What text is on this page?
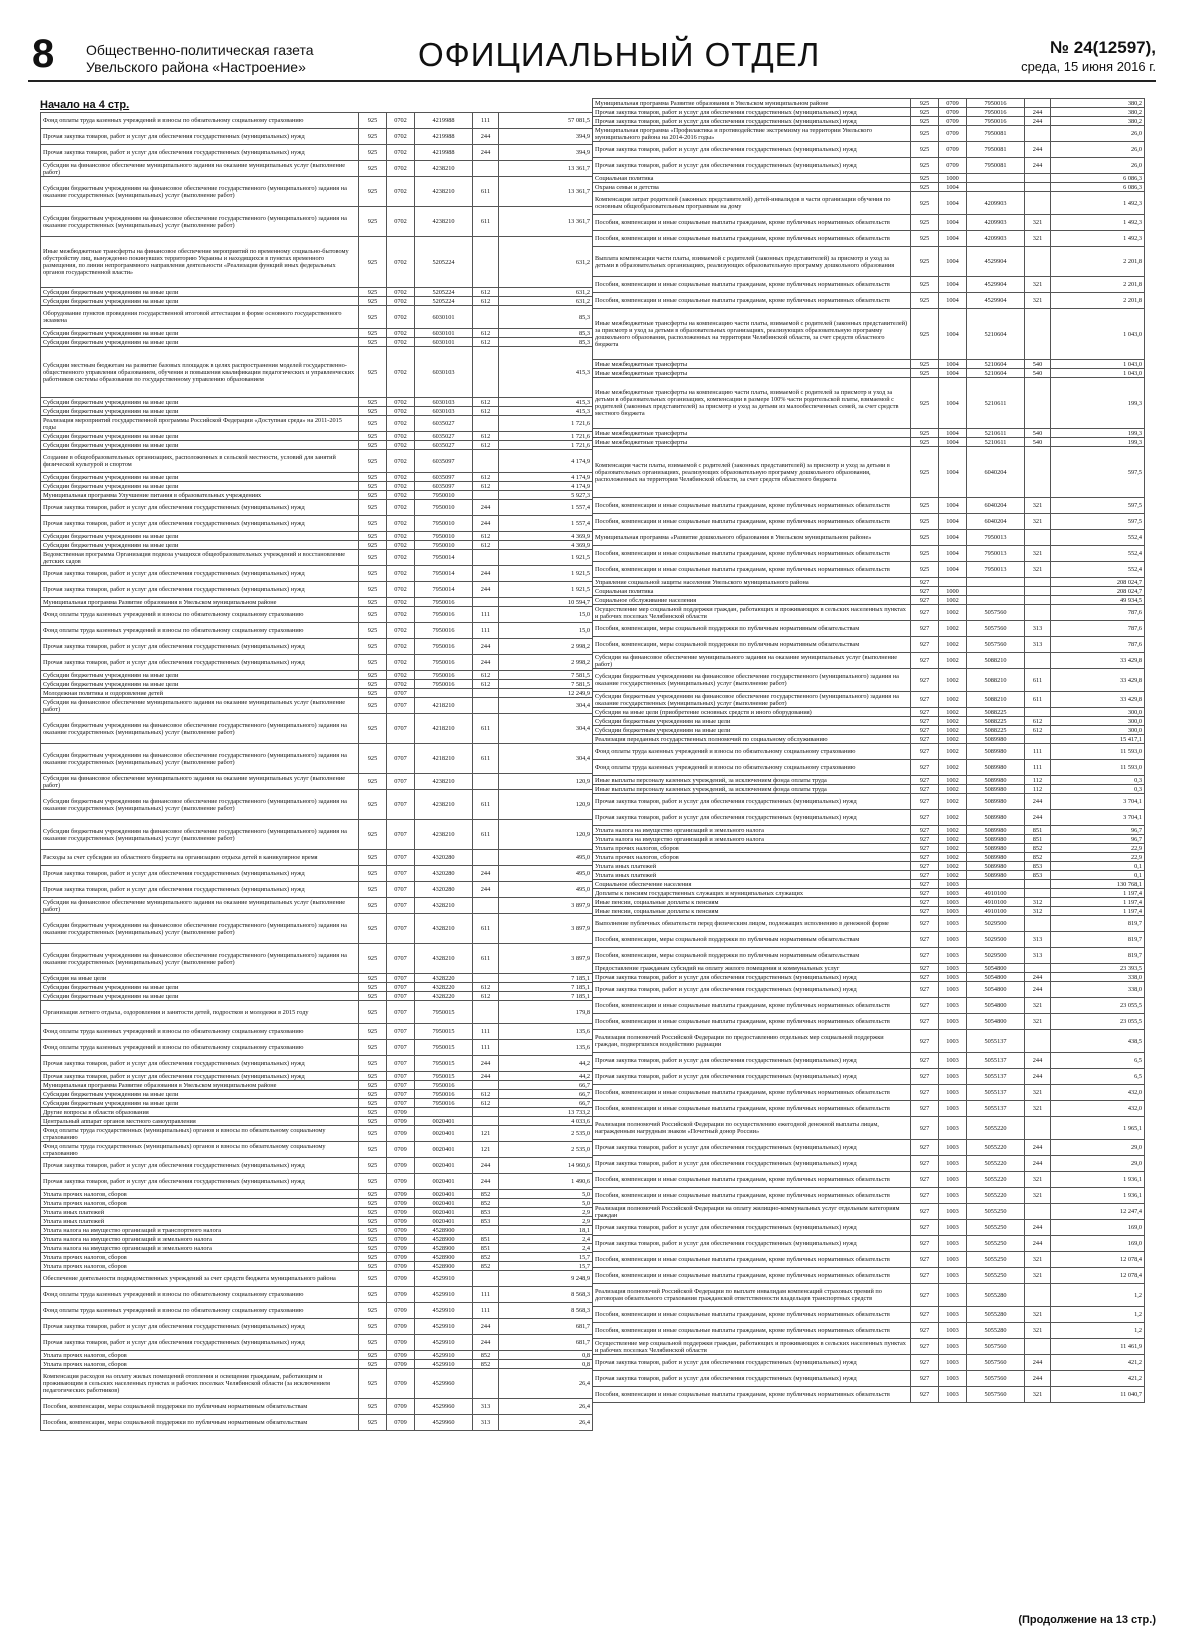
8 Общественно-политическая газета
Увельского района «Настроение»	ОФИЦИАЛЬНЫЙ ОТДЕЛ	№ 24(12597),
среда, 15 июня 2016 г.
Начало на 4 стр.
Фонд оплаты труда казенных учреждений и взносы по обязательному социальному страхованию	925	0702	4219988	111	57 081,5
Прочая закупка товаров, работ и услуг для обеспечения государственных (муниципальных) нужд	925	0702	4219988	244	394,9
Прочая закупка товаров, работ и услуг для обеспечения государственных (муниципальных) нужд	925	0702	4219988	244	394,9
Субсидия на финансовое обеспечение муниципального задания на оказание муниципальных услуг (выполнение работ)	925	0702	4238210		13 361,7
Субсидии бюджетным учреждениям на финансовое обеспечение государственного (муниципального) задания на оказание государственных (муниципальных) услуг (выполнение работ)	925	0702	4238210	611	13 361,7
Субсидии бюджетным учреждениям на финансовое обеспечение государственного (муниципального) задания на оказание государственных (муниципальных) услуг (выполнение работ)	925	0702	4238210	611	13 361,7
Иные межбюджетные трансферты на финансовое обеспечение мероприятий по временному социально-бытовому обустройству лиц, вынужденно покинувших территорию Украины и находящихся в пунктах временного размещения, по линии непрограммного направления деятельности «Реализация функций иных федеральных органов государственной власти»	925	0702	5205224		631,2
Субсидии бюджетным учреждениям на иные цели	925	0702	5205224	612	631,2
Субсидии бюджетным учреждениям на иные цели	925	0702	5205224	612	631,2
Оборудование пунктов проведения государственной итоговой аттестации в форме основного государственного экзамена	925	0702	6030101		85,3
Субсидии бюджетным учреждениям на иные цели	925	0702	6030101	612	85,3
Субсидии бюджетным учреждениям на иные цели	925	0702	6030101	612	85,3
Субсидии местным бюджетам на развитие базовых площадок в целях распространения моделей государственно-общественного управления образованием, обучения и повышения квалификации педагогических и управленческих работников системы образования по государственному управлению образованием	925	0702	6030103		415,3
Субсидии бюджетным учреждениям на иные цели	925	0702	6030103	612	415,3
Субсидии бюджетным учреждениям на иные цели	925	0702	6030103	612	415,3
Реализация мероприятий государственной программы Российской Федерации «Доступная среда» на 2011-2015 годы	925	0702	6035027		1 721,6
Субсидии бюджетным учреждениям на иные цели	925	0702	6035027	612	1 721,6
Субсидии бюджетным учреждениям на иные цели	925	0702	6035027	612	1 721,6
Создание в общеобразовательных организациях, расположенных в сельской местности, условий для занятий физической культурой и спортом	925	0702	6035097		4 174,9
Субсидии бюджетным учреждениям на иные цели	925	0702	6035097	612	4 174,9
Субсидии бюджетным учреждениям на иные цели	925	0702	6035097	612	4 174,9
Муниципальная программа Улучшение питания в образовательных учреждениях	925	0702	7950010		5 927,3
Прочая закупка товаров, работ и услуг для обеспечения государственных (муниципальных) нужд	925	0702	7950010	244	1 557,4
Прочая закупка товаров, работ и услуг для обеспечения государственных (муниципальных) нужд	925	0702	7950010	244	1 557,4
Субсидии бюджетным учреждениям на иные цели	925	0702	7950010	612	4 369,9
Субсидии бюджетным учреждениям на иные цели	925	0702	7950010	612	4 369,9
Ведомственная программа Организация подвоза учащихся общеобразовательных учреждений и восстановление детских садов	925	0702	7950014		1 921,5
Прочая закупка товаров, работ и услуг для обеспечения государственных (муниципальных) нужд	925	0702	7950014	244	1 921,5
Прочая закупка товаров, работ и услуг для обеспечения государственных (муниципальных) нужд	925	0702	7950014	244	1 921,5
Муниципальная программа Развитие образования в Увельском муниципальном районе	925	0702	7950016		10 594,7
Фонд оплаты труда казенных учреждений и взносы по обязательному социальному страхованию	925	0702	7950016	111	15,0
Фонд оплаты труда казенных учреждений и взносы по обязательному социальному страхованию	925	0702	7950016	111	15,0
Прочая закупка товаров, работ и услуг для обеспечения государственных (муниципальных) нужд	925	0702	7950016	244	2 998,2
Прочая закупка товаров, работ и услуг для обеспечения государственных (муниципальных) нужд	925	0702	7950016	244	2 998,2
Субсидии бюджетным учреждениям на иные цели	925	0702	7950016	612	7 581,5
Субсидии бюджетным учреждениям на иные цели	925	0702	7950016	612	7 581,5
Молодежная политика и оздоровление детей	925	0707			12 249,9
Субсидия на финансовое обеспечение муниципального задания на оказание муниципальных услуг (выполнение работ)	925	0707	4218210		304,4
Субсидии бюджетным учреждениям на финансовое обеспечение государственного (муниципального) задания на оказание государственных (муниципальных) услуг (выполнение работ)	925	0707	4218210	611	304,4
Субсидии бюджетным учреждениям на финансовое обеспечение государственного (муниципального) задания на оказание государственных (муниципальных) услуг (выполнение работ)	925	0707	4218210	611	304,4
Субсидия на финансовое обеспечение муниципального задания на оказание муниципальных услуг (выполнение работ)	925	0707	4238210		120,9
Субсидии бюджетным учреждениям на финансовое обеспечение государственного (муниципального) задания на оказание государственных (муниципальных) услуг (выполнение работ)	925	0707	4238210	611	120,9
Субсидии бюджетным учреждениям на финансовое обеспечение государственного (муниципального) задания на оказание государственных (муниципальных) услуг (выполнение работ)	925	0707	4238210	611	120,9
Расходы за счет субсидии из областного бюджета на организацию отдыха детей в каникулярное время	925	0707	4320280		495,0
Прочая закупка товаров, работ и услуг для обеспечения государственных (муниципальных) нужд	925	0707	4320280	244	495,0
Прочая закупка товаров, работ и услуг для обеспечения государственных (муниципальных) нужд	925	0707	4320280	244	495,0
Субсидия на финансовое обеспечение муниципального задания на оказание муниципальных услуг (выполнение работ)	925	0707	4328210		3 897,9
Субсидии бюджетным учреждениям на финансовое обеспечение государственного (муниципального) задания на оказание государственных (муниципальных) услуг (выполнение работ)	925	0707	4328210	611	3 897,9
Субсидии бюджетным учреждениям на финансовое обеспечение государственного (муниципального) задания на оказание государственных (муниципальных) услуг (выполнение работ)	925	0707	4328210	611	3 897,9
Субсидия на иные цели	925	0707	4328220		7 185,1
Субсидии бюджетным учреждениям на иные цели	925	0707	4328220	612	7 185,1
Субсидии бюджетным учреждениям на иные цели	925	0707	4328220	612	7 185,1
Организация летнего отдыха, оздоровления и занятости детей, подростков и молодежи в 2015 году	925	0707	7950015		179,8
Фонд оплаты труда казенных учреждений и взносы по обязательному социальному страхованию	925	0707	7950015	111	135,6
Фонд оплаты труда казенных учреждений и взносы по обязательному социальному страхованию	925	0707	7950015	111	135,6
Прочая закупка товаров, работ и услуг для обеспечения государственных (муниципальных) нужд	925	0707	7950015	244	44,2
Прочая закупка товаров, работ и услуг для обеспечения государственных (муниципальных) нужд	925	0707	7950015	244	44,2
Муниципальная программа Развитие образования в Увельском муниципальном районе	925	0707	7950016		66,7
Субсидии бюджетным учреждениям на иные цели	925	0707	7950016	612	66,7
Субсидии бюджетным учреждениям на иные цели	925	0707	7950016	612	66,7
Другие вопросы в области образования	925	0709			13 733,2
Центральный аппарат органов местного самоуправления	925	0709	0020401		4 033,6
Фонд оплаты труда государственных (муниципальных) органов и взносы по обязательному социальному страхованию	925	0709	0020401	121	2 535,0
Фонд оплаты труда государственных (муниципальных) органов и взносы по обязательному социальному страхованию	925	0709	0020401	121	2 535,0
Прочая закупка товаров, работ и услуг для обеспечения государственных (муниципальных) нужд	925	0709	0020401	244	14 960,6
Прочая закупка товаров, работ и услуг для обеспечения государственных (муниципальных) нужд	925	0709	0020401	244	1 490,6
Уплата прочих налогов, сборов	925	0709	0020401	852	5,0
Уплата прочих налогов, сборов	925	0709	0020401	852	5,0
Уплата иных платежей	925	0709	0020401	853	2,9
Уплата иных платежей	925	0709	0020401	853	2,9
Уплата налога на имущество организаций и транспортного налога	925	0709	4528900		18,1
Уплата налога на имущество организаций и земельного налога	925	0709	4528900	851	2,4
Уплата налога на имущество организаций и земельного налога	925	0709	4528900	851	2,4
Уплата прочих налогов, сборов	925	0709	4528900	852	15,7
Уплата прочих налогов, сборов	925	0709	4528900	852	15,7
Обеспечение деятельности подведомственных учреждений за счет средств бюджета муниципального района	925	0709	4529910		9 248,9
Фонд оплаты труда казенных учреждений и взносы по обязательному социальному страхованию	925	0709	4529910	111	8 568,3
Фонд оплаты труда казенных учреждений и взносы по обязательному социальному страхованию	925	0709	4529910	111	8 568,3
Прочая закупка товаров, работ и услуг для обеспечения государственных (муниципальных) нужд	925	0709	4529910	244	681,7
Прочая закупка товаров, работ и услуг для обеспечения государственных (муниципальных) нужд	925	0709	4529910	244	681,7
Уплата прочих налогов, сборов	925	0709	4529910	852	0,8
Уплата прочих налогов, сборов	925	0709	4529910	852	0,8
Компенсация расходов на оплату жилых помещений отопления и освещения гражданам, работающим и проживающим в сельских населенных пунктах и рабочих поселках Челябинской области (за исключением педагогических работников)	925	0709	4529960		26,4
Пособия, компенсации, меры социальной поддержки по публичным нормативным обязательствам	925	0709	4529960	313	26,4
Пособия, компенсации, меры социальной поддержки по публичным нормативным обязательствам	925	0709	4529960	313	26,4
Муниципальная программа Развитие образования в Увельском муниципальном районе	925	0709	7950016		380,2
Прочая закупка товаров, работ и услуг для обеспечения государственных (муниципальных) нужд	925	0709	7950016	244	380,2
Прочая закупка товаров, работ и услуг для обеспечения государственных (муниципальных) нужд	925	0709	7950016	244	380,2
Муниципальная программа «Профилактика и противодействие экстремизму на территории Увельского муниципального района на 2014-2016 годы»	925	0709	7950081		26,0
Прочая закупка товаров, работ и услуг для обеспечения государственных (муниципальных) нужд	925	0709	7950081	244	26,0
Прочая закупка товаров, работ и услуг для обеспечения государственных (муниципальных) нужд	925	0709	7950081	244	26,0
Социальная политика	925	1000			6 086,3
Охрана семьи и детства	925	1004			6 086,3
Компенсация затрат родителей (законных представителей) детей-инвалидов в части организации обучения по основным общеобразовательным программам на дому	925	1004	4209903		1 492,3
Пособия, компенсации и иные социальные выплаты гражданам, кроме публичных нормативных обязательств	925	1004	4209903	321	1 492,3
Пособия, компенсации и иные социальные выплаты гражданам, кроме публичных нормативных обязательств	925	1004	4209903	321	1 492,3
Выплата компенсации части платы, взимаемой с родителей (законных представителей) за присмотр и уход за детьми в образовательных организациях, реализующих образовательную программу дошкольного образования	925	1004	4529904		2 201,8
Пособия, компенсации и иные социальные выплаты гражданам, кроме публичных нормативных обязательств	925	1004	4529904	321	2 201,8
Пособия, компенсации и иные социальные выплаты гражданам, кроме публичных нормативных обязательств	925	1004	4529904	321	2 201,8
Иные межбюджетные трансферты на компенсацию части платы, взимаемой с родителей (законных представителей) за присмотр и уход за детьми в образовательных организациях, реализующих образовательную программу дошкольного образования, расположенных на территории Челябинской области, за счет средств областного бюджета	925	1004	5210604		1 043,0
Иные межбюджетные трансферты	925	1004	5210604	540	1 043,0
Иные межбюджетные трансферты	925	1004	5210604	540	1 043,0
Иные межбюджетные трансферты на компенсацию части платы, взимаемой с родителей за присмотр и уход за детьми в образовательных организациях, компенсации в размере 100% части родительской платы, взимаемой с родителей (законных представителей) за присмотр и уход за детьми из малообеспеченных семей, за счет средств местного бюджета	925	1004	5210611		199,3
Иные межбюджетные трансферты	925	1004	5210611	540	199,3
Иные межбюджетные трансферты	925	1004	5210611	540	199,3
Компенсация части платы, взимаемой с родителей (законных представителей) за присмотр и уход за детьми в образовательных организациях, реализующих образовательную программу дошкольного образования, расположенных на территории Челябинской области, за счет средств областного бюджета	925	1004	6040204		597,5
Пособия, компенсации и иные социальные выплаты гражданам, кроме публичных нормативных обязательств	925	1004	6040204	321	597,5
Пособия, компенсации и иные социальные выплаты гражданам, кроме публичных нормативных обязательств	925	1004	6040204	321	597,5
Муниципальная программа «Развитие дошкольного образования в Увельском муниципальном районе»	925	1004	7950013		552,4
Пособия, компенсации и иные социальные выплаты гражданам, кроме публичных нормативных обязательств	925	1004	7950013	321	552,4
Пособия, компенсации и иные социальные выплаты гражданам, кроме публичных нормативных обязательств	925	1004	7950013	321	552,4
Управление социальной защиты населения Увельского муниципального района	927				208 024,7
Социальная политика	927	1000			208 024,7
Социальное обслуживание населения	927	1002			49 934,5
Осуществление мер социальной поддержки граждан, работающих и проживающих в сельских населенных пунктах и рабочих поселках Челябинской области	927	1002	5057560		787,6
Пособия, компенсации, меры социальной поддержки по публичным нормативным обязательствам	927	1002	5057560	313	787,6
Пособия, компенсации, меры социальной поддержки по публичным нормативным обязательствам	927	1002	5057560	313	787,6
Субсидия на финансовое обеспечение муниципального задания на оказание муниципальных услуг (выполнение работ)	927	1002	5088210		33 429,8
Субсидии бюджетным учреждениям на финансовое обеспечение государственного (муниципального) задания на оказание государственных (муниципальных) услуг (выполнение работ)	927	1002	5088210	611	33 429,8
Субсидии бюджетным учреждениям на финансовое обеспечение государственного (муниципального) задания на оказание государственных (муниципальных) услуг (выполнение работ)	927	1002	5088210	611	33 429,8
Субсидия на иные цели (приобретение основных средств и иного оборудования)	927	1002	5088225		300,0
Субсидии бюджетным учреждениям на иные цели	927	1002	5088225	612	300,0
Субсидии бюджетным учреждениям на иные цели	927	1002	5088225	612	300,0
Реализация переданных государственных полномочий по социальному обслуживанию	927	1002	5089980		15 417,1
Фонд оплаты труда казенных учреждений и взносы по обязательному социальному страхованию	927	1002	5089980	111	11 593,0
Фонд оплаты труда казенных учреждений и взносы по обязательному социальному страхованию	927	1002	5089980	111	11 593,0
Иные выплаты персоналу казенных учреждений, за исключением фонда оплаты труда	927	1002	5089980	112	0,3
Иные выплаты персоналу казенных учреждений, за исключением фонда оплаты труда	927	1002	5089980	112	0,3
Прочая закупка товаров, работ и услуг для обеспечения государственных (муниципальных) нужд	927	1002	5089980	244	3 704,1
Прочая закупка товаров, работ и услуг для обеспечения государственных (муниципальных) нужд	927	1002	5089980	244	3 704,1
Уплата налога на имущество организаций и земельного налога	927	1002	5089980	851	96,7
Уплата налога на имущество организаций и земельного налога	927	1002	5089980	851	96,7
Уплата прочих налогов, сборов	927	1002	5089980	852	22,9
Уплата прочих налогов, сборов	927	1002	5089980	852	22,9
Уплата иных платежей	927	1002	5089980	853	0,1
Уплата иных платежей	927	1002	5089980	853	0,1
Социальное обеспечение населения	927	1003			130 768,1
Доплаты к пенсиям государственных служащих и муниципальных служащих	927	1003	4910100		1 197,4
Иные пенсии, социальные доплаты к пенсиям	927	1003	4910100	312	1 197,4
Иные пенсии, социальные доплаты к пенсиям	927	1003	4910100	312	1 197,4
Выполнение публичных обязательств перед физическим лицом, подлежащих исполнению в денежной форме	927	1003	5029500		819,7
Пособия, компенсации, меры социальной поддержки по публичным нормативным обязательствам	927	1003	5029500	313	819,7
Пособия, компенсации, меры социальной поддержки по публичным нормативным обязательствам	927	1003	5029500	313	819,7
Предоставление гражданам субсидий на оплату жилого помещения и коммунальных услуг	927	1003	5054800		23 393,5
Прочая закупка товаров, работ и услуг для обеспечения государственных (муниципальных) нужд	927	1003	5054800	244	338,0
Прочая закупка товаров, работ и услуг для обеспечения государственных (муниципальных) нужд	927	1003	5054800	244	338,0
Пособия, компенсации и иные социальные выплаты гражданам, кроме публичных нормативных обязательств	927	1003	5054800	321	23 055,5
Пособия, компенсации и иные социальные выплаты гражданам, кроме публичных нормативных обязательств	927	1003	5054800	321	23 055,5
Реализация полномочий Российской Федерации по предоставлению отдельных мер социальной поддержки граждан, подвергшихся воздействию радиации	927	1003	5055137		438,5
Прочая закупка товаров, работ и услуг для обеспечения государственных (муниципальных) нужд	927	1003	5055137	244	6,5
Прочая закупка товаров, работ и услуг для обеспечения государственных (муниципальных) нужд	927	1003	5055137	244	6,5
Пособия, компенсации и иные социальные выплаты гражданам, кроме публичных нормативных обязательств	927	1003	5055137	321	432,0
Пособия, компенсации и иные социальные выплаты гражданам, кроме публичных нормативных обязательств	927	1003	5055137	321	432,0
Реализация полномочий Российской Федерации по осуществлению ежегодной денежной выплаты лицам, награжденным нагрудным знаком «Почетный донор России»	927	1003	5055220		1 965,1
Прочая закупка товаров, работ и услуг для обеспечения государственных (муниципальных) нужд	927	1003	5055220	244	29,0
Прочая закупка товаров, работ и услуг для обеспечения государственных (муниципальных) нужд	927	1003	5055220	244	29,0
Пособия, компенсации и иные социальные выплаты гражданам, кроме публичных нормативных обязательств	927	1003	5055220	321	1 936,1
Пособия, компенсации и иные социальные выплаты гражданам, кроме публичных нормативных обязательств	927	1003	5055220	321	1 936,1
Реализация полномочий Российской Федерации на оплату жилищно-коммунальных услуг отдельным категориям граждан	927	1003	5055250		12 247,4
Прочая закупка товаров, работ и услуг для обеспечения государственных (муниципальных) нужд	927	1003	5055250	244	169,0
Прочая закупка товаров, работ и услуг для обеспечения государственных (муниципальных) нужд	927	1003	5055250	244	169,0
Пособия, компенсации и иные социальные выплаты гражданам, кроме публичных нормативных обязательств	927	1003	5055250	321	12 078,4
Пособия, компенсации и иные социальные выплаты гражданам, кроме публичных нормативных обязательств	927	1003	5055250	321	12 078,4
Реализация полномочий Российской Федерации по выплате инвалидам компенсаций страховых премий по договорам обязательного страхования гражданской ответственности владельцев транспортных средств	927	1003	5055280		1,2
Пособия, компенсации и иные социальные выплаты гражданам, кроме публичных нормативных обязательств	927	1003	5055280	321	1,2
Пособия, компенсации и иные социальные выплаты гражданам, кроме публичных нормативных обязательств	927	1003	5055280	321	1,2
Осуществление мер социальной поддержки граждан, работающих и проживающих в сельских населенных пунктах и рабочих поселках Челябинской области	927	1003	5057560		11 461,9
Прочая закупка товаров, работ и услуг для обеспечения государственных (муниципальных) нужд	927	1003	5057560	244	421,2
Прочая закупка товаров, работ и услуг для обеспечения государственных (муниципальных) нужд	927	1003	5057560	244	421,2
Пособия, компенсации и иные социальные выплаты гражданам, кроме публичных нормативных обязательств	927	1003	5057560	321	11 040,7
(Продолжение на 13 стр.)
